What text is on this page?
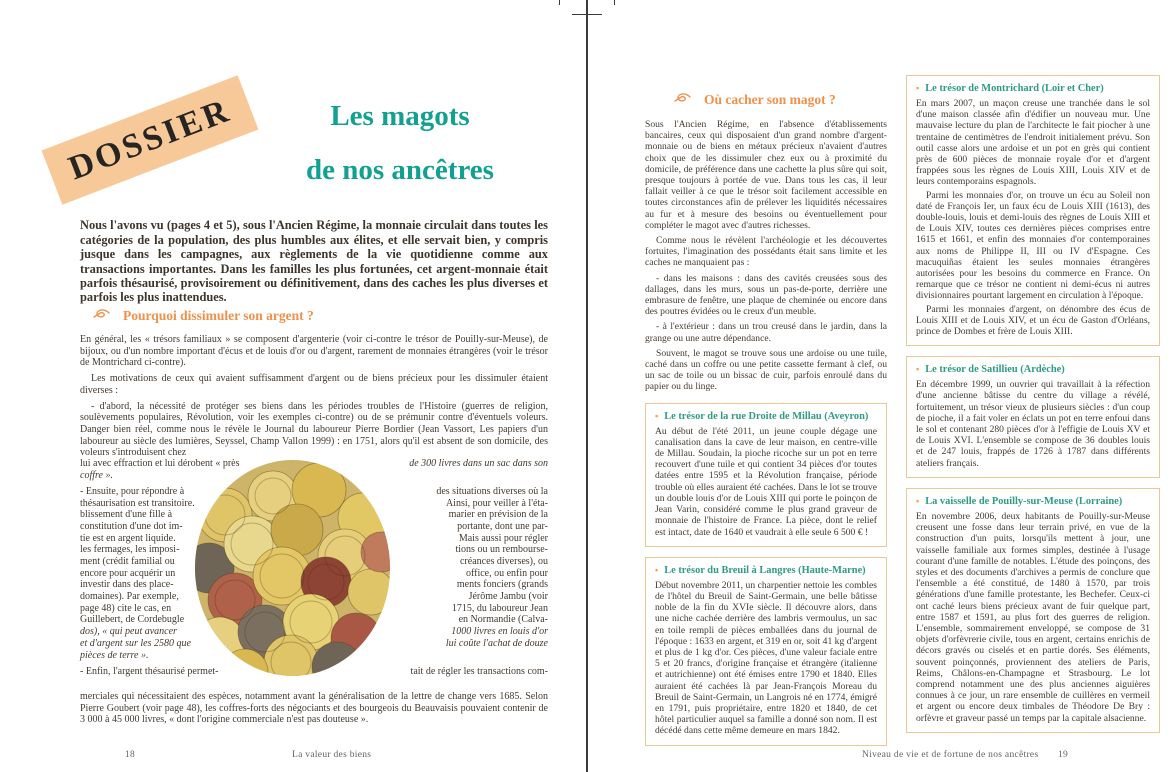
DOSSIER	Les magots
de nos ancêtres

Nous l'avons vu (pages 4 et 5), sous l'Ancien Régime, la monnaie circulait dans toutes les catégories de la population, des plus humbles aux élites, et elle servait bien, y compris jusque dans les campagnes, aux règlements de la vie quotidienne comme aux transactions importantes. Dans les familles les plus fortunées, cet argent-monnaie était parfois thésaurisé, provisoirement ou définitivement, dans des caches les plus diverses et parfois les plus inattendues.

Pourquoi dissimuler son argent ?

En général, les « trésors familiaux » se composent d'argenterie (voir ci-contre le trésor de Pouilly-sur-Meuse), de bijoux, ou d'un nombre important d'écus et de louis d'or ou d'argent, rarement de monnaies étrangères (voir le trésor de Montrichard ci-contre).

Les motivations de ceux qui avaient suffisamment d'argent ou de biens précieux pour les dissimuler étaient diverses :

- d'abord, la nécessité de protéger ses biens dans les périodes troubles de l'Histoire (guerres de religion, soulèvements populaires, Révolution, voir les exemples ci-contre) ou de se prémunir contre d'éventuels voleurs. Danger bien réel, comme nous le révèle le Journal du laboureur Pierre Bordier (Jean Vassort, Les papiers d'un laboureur au siècle des lumières, Seyssel, Champ Vallon 1999) : en 1751, alors qu'il est absent de son domicile, des voleurs s'introduisent chez

lui avec effraction et lui dérobent « près	de 300 livres dans un sac dans son
coffre ».
- Ensuite, pour répondre à	des situations diverses où la
thésaurisation est transitoire.	Ainsi, pour veiller à l'éta-
blissement d'une fille à	marier en prévision de la
constitution d'une dot im-	portante, dont une par-
tie est en argent liquide.	Mais aussi pour régler
les fermages, les imposi-	tions ou un rembourse-
ment (crédit familial ou	créances diverses), ou
encore pour acquérir un	office, ou enfin pour
investir dans des place-	ments fonciers (grands
domaines). Par exemple,	Jérôme Jambu (voir
page 48) cite le cas, en	1715, du laboureur Jean
Guillebert, de Cordebugle	en Normandie (Calva-
dos), « qui peut avancer	1000 livres en louis d'or
et d'argent sur les 2580 que	lui coûte l'achat de douze
pièces de terre ».
- Enfin, l'argent thésaurisé permet-	tait de régler les transactions com-

merciales qui nécessitaient des espèces, notamment avant la généralisation de la lettre de change vers 1685. Selon Pierre Goubert (voir page 48), les coffres-forts des négociants et des bourgeois du Beauvaisis pouvaient contenir de 3 000 à 45 000 livres, « dont l'origine commerciale n'est pas douteuse ».

18	La valeur des biens
Où cacher son magot ?

Sous l'Ancien Régime, en l'absence d'établissements bancaires, ceux qui disposaient d'un grand nombre d'argent-monnaie ou de biens en métaux précieux n'avaient d'autres choix que de les dissimuler chez eux ou à proximité du domicile, de préférence dans une cachette la plus sûre qui soit, presque toujours à portée de vue. Dans tous les cas, il leur fallait veiller à ce que le trésor soit facilement accessible en toutes circonstances afin de prélever les liquidités nécessaires au fur et à mesure des besoins ou éventuellement pour compléter le magot avec d'autres richesses.

Comme nous le révèlent l'archéologie et les découvertes fortuites, l'imagination des possédants était sans limite et les caches ne manquaient pas :

- dans les maisons : dans des cavités creusées sous des dallages, dans les murs, sous un pas-de-porte, derrière une embrasure de fenêtre, une plaque de cheminée ou encore dans des poutres évidées ou le creux d'un meuble.

- à l'extérieur : dans un trou creusé dans le jardin, dans la grange ou une autre dépendance.

Souvent, le magot se trouve sous une ardoise ou une tuile, caché dans un coffre ou une petite cassette fermant à clef, ou un sac de toile ou un bissac de cuir, parfois enroulé dans du papier ou du linge.

▪ Le trésor de la rue Droite de Millau (Aveyron)

Au début de l'été 2011, un jeune couple dégage une canalisation dans la cave de leur maison, en centre-ville de Millau. Soudain, la pioche ricoche sur un pot en terre recouvert d'une tuile et qui contient 34 pièces d'or toutes datées entre 1595 et la Révolution française, période trouble où elles auraient été cachées. Dans le lot se trouve un double louis d'or de Louis XIII qui porte le poinçon de Jean Varin, considéré comme le plus grand graveur de monnaie de l'histoire de France. La pièce, dont le relief est intact, date de 1640 et vaudrait à elle seule 6 500 € !

▪ Le trésor du Breuil à Langres (Haute-Marne)

Début novembre 2011, un charpentier nettoie les combles de l'hôtel du Breuil de Saint-Germain, une belle bâtisse noble de la fin du XVIe siècle. Il découvre alors, dans une niche cachée derrière des lambris vermoulus, un sac en toile rempli de pièces emballées dans du journal de l'époque : 1633 en argent, et 319 en or, soit 41 kg d'argent et plus de 1 kg d'or. Ces pièces, d'une valeur faciale entre 5 et 20 francs, d'origine française et étrangère (italienne et autrichienne) ont été émises entre 1790 et 1840. Elles auraient été cachées là par Jean-François Moreau du Breuil de Saint-Germain, un Langrois né en 1774, émigré en 1791, puis propriétaire, entre 1820 et 1840, de cet hôtel particulier auquel sa famille a donné son nom. Il est décédé dans cette même demeure en mars 1842.

▪ Le trésor de Montrichard (Loir et Cher)

En mars 2007, un maçon creuse une tranchée dans le sol d'une maison classée afin d'édifier un nouveau mur. Une mauvaise lecture du plan de l'architecte le fait piocher à une trentaine de centimètres de l'endroit initialement prévu. Son outil casse alors une ardoise et un pot en grès qui contient près de 600 pièces de monnaie royale d'or et d'argent frappées sous les règnes de Louis XIII, Louis XIV et de leurs contemporains espagnols.

Parmi les monnaies d'or, on trouve un écu au Soleil non daté de François Ier, un faux écu de Louis XIII (1613), des double-louis, louis et demi-louis des règnes de Louis XIII et de Louis XIV, toutes ces dernières pièces comprises entre 1615 et 1661, et enfin des monnaies d'or contemporaines aux noms de Philippe II, III ou IV d'Espagne. Ces macuquiñas étaient les seules monnaies étrangères autorisées pour les besoins du commerce en France. On remarque que ce trésor ne contient ni demi-écus ni autres divisionnaires pourtant largement en circulation à l'époque.

Parmi les monnaies d'argent, on dénombre des écus de Louis XIII et de Louis XIV, et un écu de Gaston d'Orléans, prince de Dombes et frère de Louis XIII.

▪ Le trésor de Satillieu (Ardèche)

En décembre 1999, un ouvrier qui travaillait à la réfection d'une ancienne bâtisse du centre du village a révélé, fortuitement, un trésor vieux de plusieurs siècles : d'un coup de pioche, il a fait voler en éclats un pot en terre enfoui dans le sol et contenant 280 pièces d'or à l'effigie de Louis XV et de Louis XVI. L'ensemble se compose de 36 doubles louis et de 247 louis, frappés de 1726 à 1787 dans différents ateliers français.

▪ La vaisselle de Pouilly-sur-Meuse (Lorraine)

En novembre 2006, deux habitants de Pouilly-sur-Meuse creusent une fosse dans leur terrain privé, en vue de la construction d'un puits, lorsqu'ils mettent à jour, une vaisselle familiale aux formes simples, destinée à l'usage courant d'une famille de notables. L'étude des poinçons, des styles et des documents d'archives a permis de conclure que l'ensemble a été constitué, de 1480 à 1570, par trois générations d'une famille protestante, les Bechefer. Ceux-ci ont caché leurs biens précieux avant de fuir quelque part, entre 1587 et 1591, au plus fort des guerres de religion. L'ensemble, sommairement enveloppé, se compose de 31 objets d'orfèvrerie civile, tous en argent, certains enrichis de décors gravés ou ciselés et en partie dorés. Ses éléments, souvent poinçonnés, proviennent des ateliers de Paris, Reims, Châlons-en-Champagne et Strasbourg. Le lot comprend notamment une des plus anciennes aiguières connues à ce jour, un rare ensemble de cuillères en vermeil et argent ou encore deux timbales de Théodore De Bry : orfèvre et graveur passé un temps par la capitale alsacienne.

Niveau de vie et de fortune de nos ancêtres 19
